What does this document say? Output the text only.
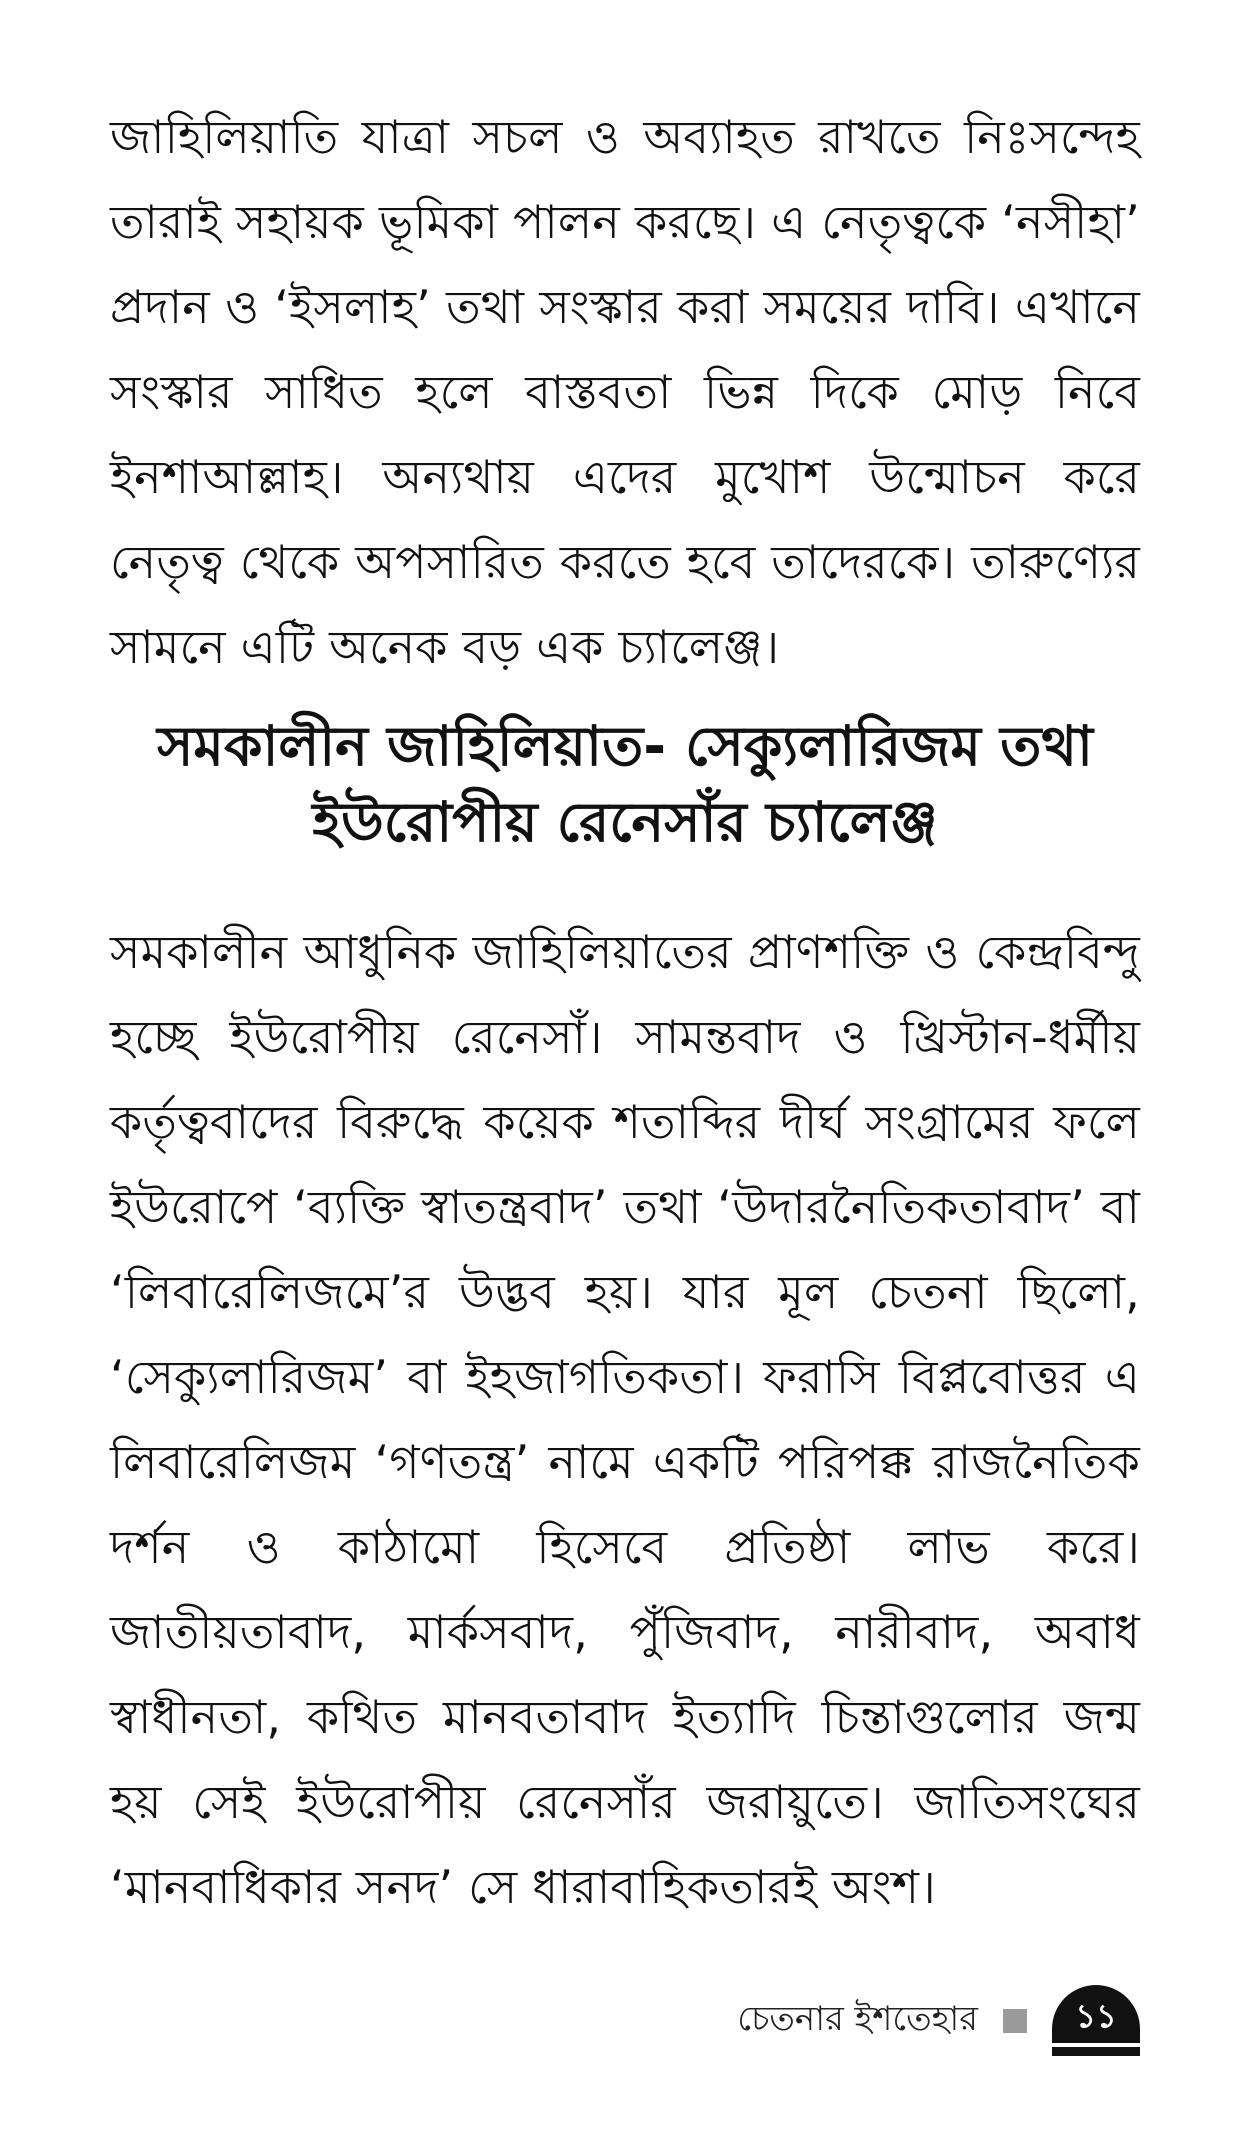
জাহিলিয়াতি যাত্রা সচল ও অব্যাহত রাখতে নিঃসন্দেহ তারাই সহায়ক ভূমিকা পালন করছে। এ নেতৃত্বকে ‘নসীহা’ প্রদান ও ‘ইসলাহ’ তথা সংস্কার করা সময়ের দাবি। এখানে সংস্কার সাধিত হলে বাস্তবতা ভিন্ন দিকে মোড় নিবে ইনশাআল্লাহ। অন্যথায় এদের মুখোশ উন্মোচন করে নেতৃত্ব থেকে অপসারিত করতে হবে তাদেরকে। তারুণ্যের সামনে এটি অনেক বড় এক চ্যালেঞ্জ।

সমকালীন জাহিলিয়াত- সেক্যুলারিজম তথা
ইউরোপীয় রেনেসাঁর চ্যালেঞ্জ

সমকালীন আধুনিক জাহিলিয়াতের প্রাণশক্তি ও কেন্দ্রবিন্দু হচ্ছে ইউরোপীয় রেনেসাঁ। সামন্তবাদ ও খ্রিস্টান-ধর্মীয় কর্তৃত্ববাদের বিরুদ্ধে কয়েক শতাব্দির দীর্ঘ সংগ্রামের ফলে ইউরোপে ‘ব্যক্তি স্বাতন্ত্রবাদ’ তথা ‘উদারনৈতিকতাবাদ’ বা ‘লিবারেলিজমে’র উদ্ভব হয়। যার মূল চেতনা ছিলো, ‘সেক্যুলারিজম’ বা ইহজাগতিকতা। ফরাসি বিপ্লবোত্তর এ লিবারেলিজম ‘গণতন্ত্র’ নামে একটি পরিপক্ক রাজনৈতিক দর্শন ও কাঠামো হিসেবে প্রতিষ্ঠা লাভ করে। জাতীয়তাবাদ, মার্কসবাদ, পুঁজিবাদ, নারীবাদ, অবাধ স্বাধীনতা, কথিত মানবতাবাদ ইত্যাদি চিন্তাগুলোর জন্ম হয় সেই ইউরোপীয় রেনেসাঁর জরায়ুতে। জাতিসংঘের ‘মানবাধিকার সনদ’ সে ধারাবাহিকতারই অংশ।

চেতনার ইশতেহার	১১
